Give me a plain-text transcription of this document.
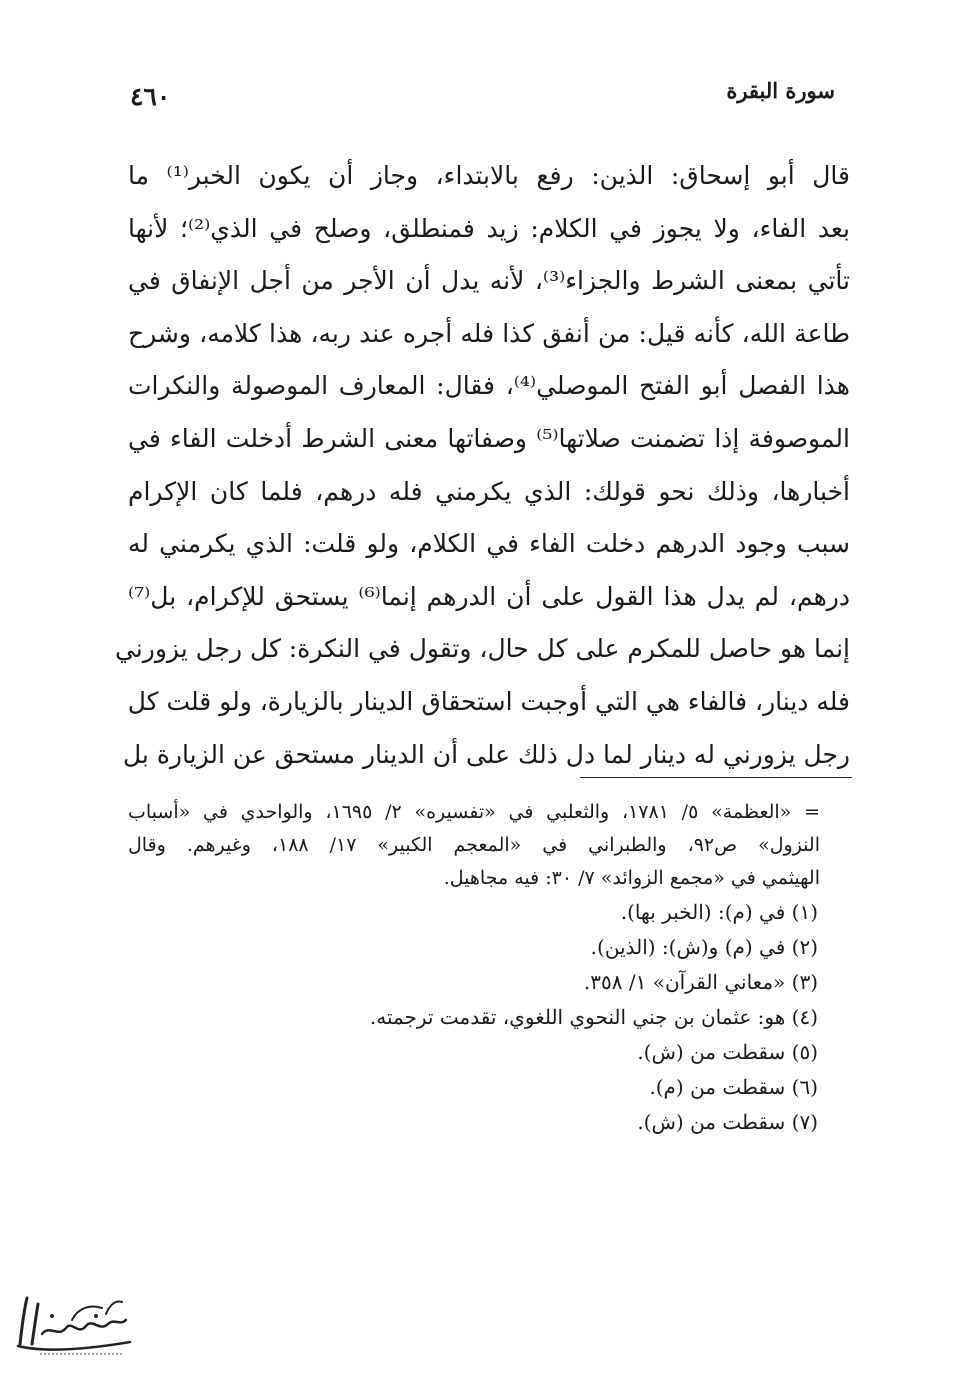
سورة البقرة
٤٦٠
قال أبو إسحاق: الذين: رفع بالابتداء، وجاز أن يكون الخبر⁽¹⁾ ما
بعد الفاء، ولا يجوز في الكلام: زيد فمنطلق، وصلح في الذي⁽²⁾؛ لأنها
تأتي بمعنى الشرط والجزاء⁽³⁾، لأنه يدل أن الأجر من أجل الإنفاق في
طاعة الله، كأنه قيل: من أنفق كذا فله أجره عند ربه، هذا كلامه، وشرح
هذا الفصل أبو الفتح الموصلي⁽⁴⁾، فقال: المعارف الموصولة والنكرات
الموصوفة إذا تضمنت صلاتها⁽⁵⁾ وصفاتها معنى الشرط أدخلت الفاء في
أخبارها، وذلك نحو قولك: الذي يكرمني فله درهم، فلما كان الإكرام
سبب وجود الدرهم دخلت الفاء في الكلام، ولو قلت: الذي يكرمني له
درهم، لم يدل هذا القول على أن الدرهم إنما⁽⁶⁾ يستحق للإكرام، بل⁽⁷⁾
إنما هو حاصل للمكرم على كل حال، وتقول في النكرة: كل رجل يزورني
فله دينار، فالفاء هي التي أوجبت استحقاق الدينار بالزيارة، ولو قلت كل
رجل يزورني له دينار لما دل ذلك على أن الدينار مستحق عن الزيارة بل
= «العظمة» ٥/ ١٧٨١، والثعلبي في «تفسيره» ٢/ ١٦٩٥، والواحدي في «أسباب
النزول» ص٩٢، والطبراني في «المعجم الكبير» ١٧/ ١٨٨، وغيرهم. وقال
الهيثمي في «مجمع الزوائد» ٧/ ٣٠: فيه مجاهيل.
(١) في (م): (الخبر بها).
(٢) في (م) و(ش): (الذين).
(٣) «معاني القرآن» ١/ ٣٥٨.
(٤) هو: عثمان بن جني النحوي اللغوي، تقدمت ترجمته.
(٥) سقطت من (ش).
(٦) سقطت من (م).
(٧) سقطت من (ش).
